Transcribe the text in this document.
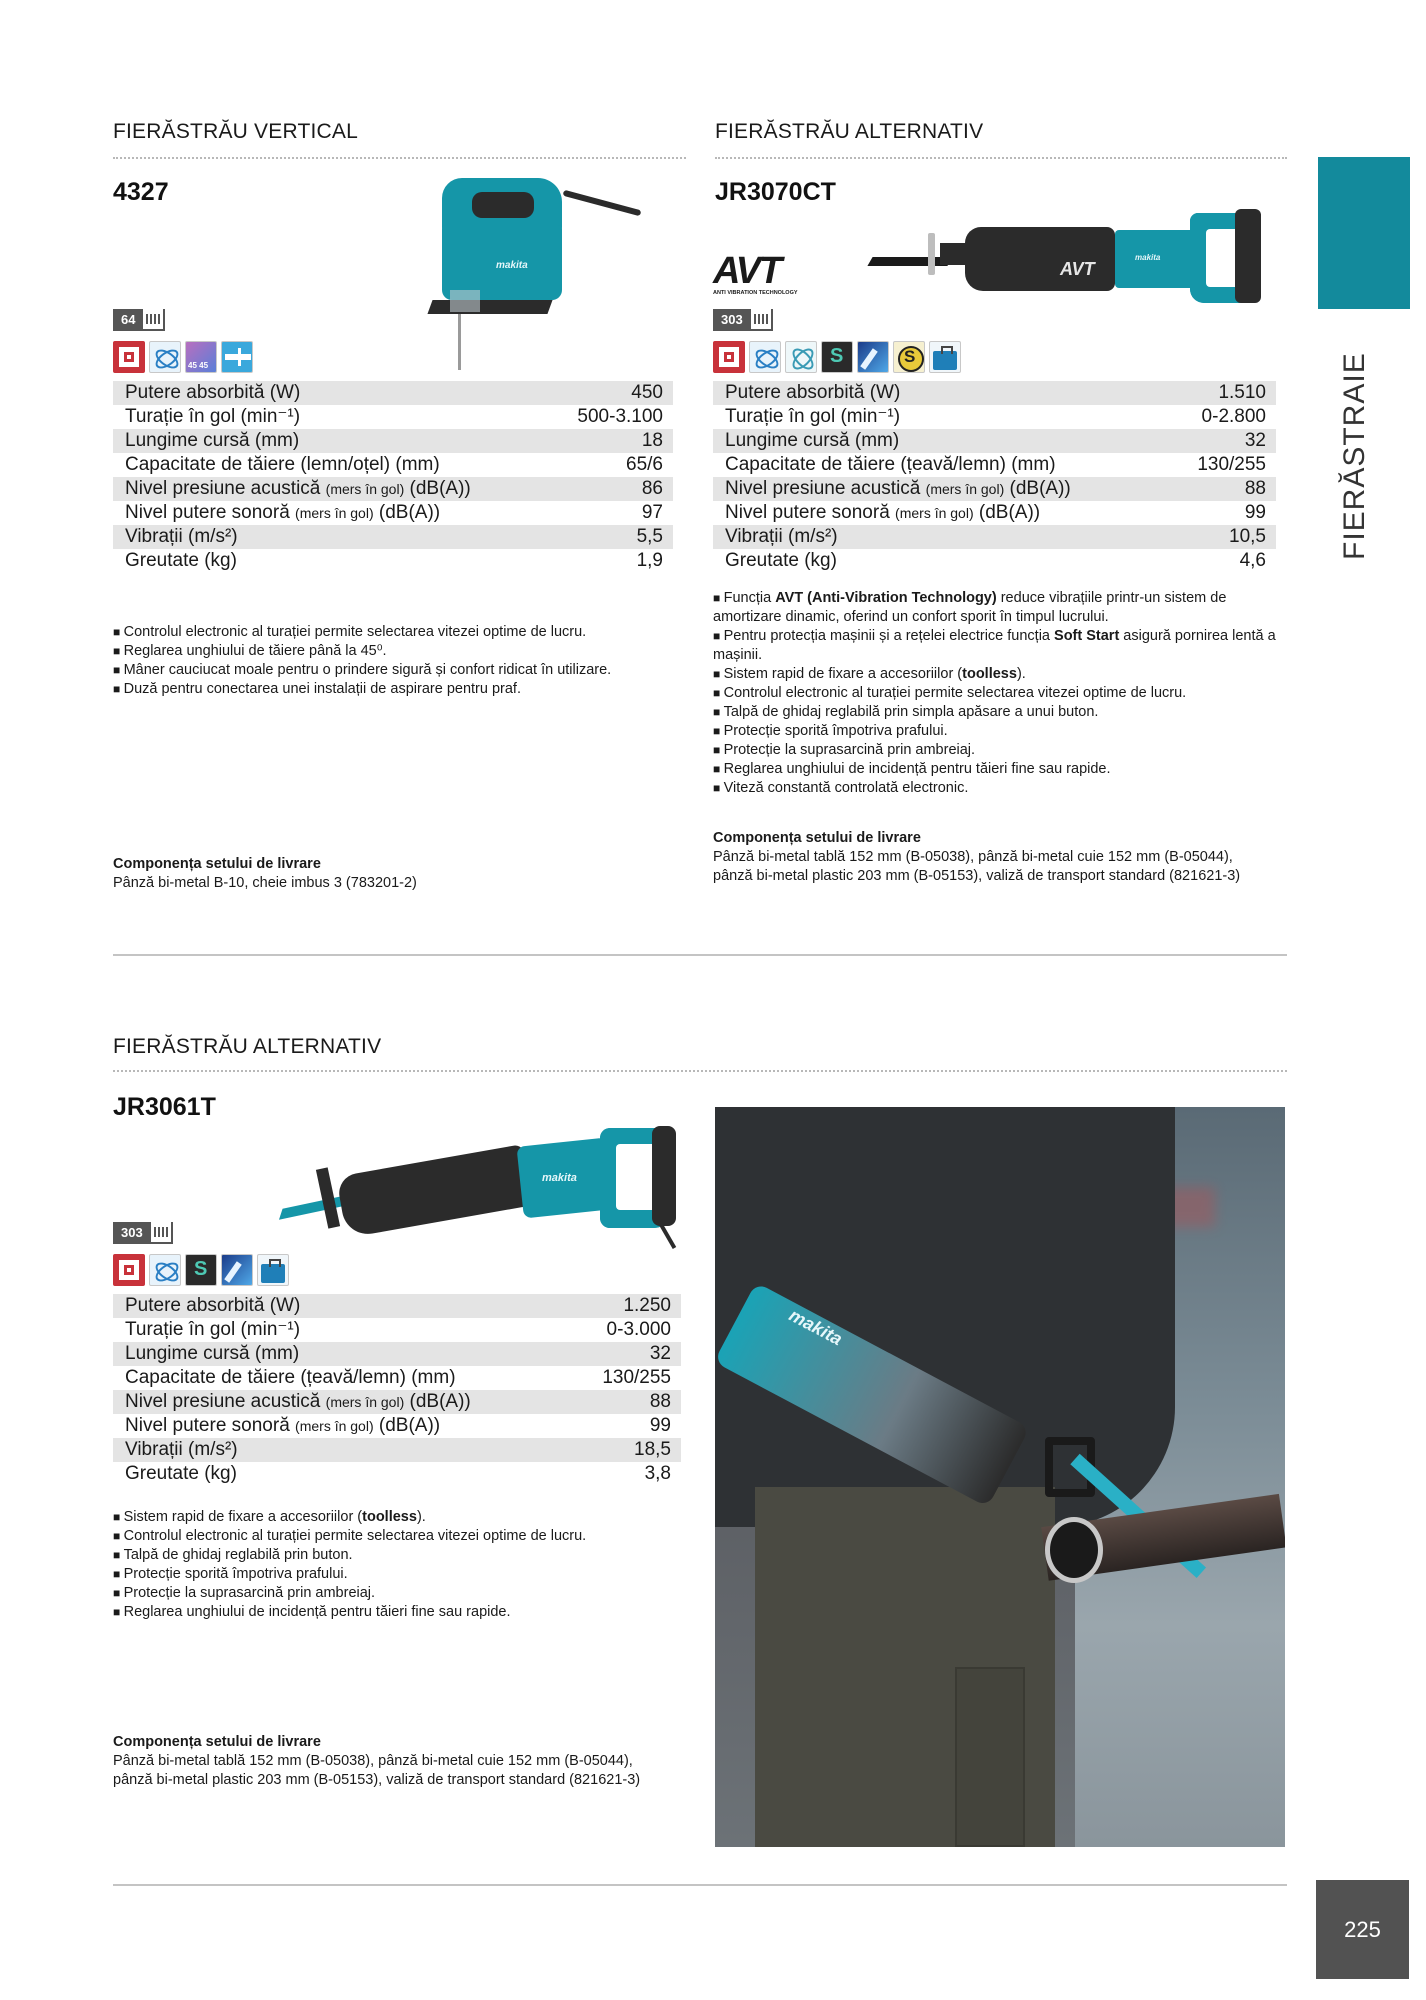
FIERĂSTRĂU VERTICAL
4327
makita
64
45 45
Putere absorbită (W)	450
Turație în gol (min⁻¹)	500-3.100
Lungime cursă (mm)	18
Capacitate de tăiere (lemn/oțel) (mm)	65/6
Nivel presiune acustică (mers în gol) (dB(A))	86
Nivel putere sonoră (mers în gol) (dB(A))	97
Vibrații (m/s²)	5,5
Greutate (kg)	1,9
■ Controlul electronic al turației permite selectarea vitezei optime de lucru.
■ Reglarea unghiului de tăiere până la 45⁰.
■ Mâner cauciucat moale pentru o prindere sigură și confort ridicat în utilizare.
■ Duză pentru conectarea unei instalații de aspirare pentru praf.
Componența setului de livrare
Pânză bi-metal B-10, cheie imbus 3 (783201-2)
FIERĂSTRĂU ALTERNATIV
JR3070CT
AVT
ANTI VIBRATION TECHNOLOGY
AVT
makita
303
S
S
Putere absorbită (W)	1.510
Turație în gol (min⁻¹)	0-2.800
Lungime cursă (mm)	32
Capacitate de tăiere (țeavă/lemn) (mm)	130/255
Nivel presiune acustică (mers în gol) (dB(A))	88
Nivel putere sonoră (mers în gol) (dB(A))	99
Vibrații (m/s²)	10,5
Greutate (kg)	4,6
■ Funcția AVT (Anti-Vibration Technology) reduce vibrațiile printr-un sistem de amortizare dinamic, oferind un confort sporit în timpul lucrului.
■ Pentru protecția mașinii și a rețelei electrice funcția Soft Start asigură pornirea lentă a mașinii.
■ Sistem rapid de fixare a accesoriilor (toolless).
■ Controlul electronic al turației permite selectarea vitezei optime de lucru.
■ Talpă de ghidaj reglabilă prin simpla apăsare a unui buton.
■ Protecție sporită împotriva prafului.
■ Protecție la suprasarcină prin ambreiaj.
■ Reglarea unghiului de incidență pentru tăieri fine sau rapide.
■ Viteză constantă controlată electronic.
Componența setului de livrare
Pânză bi-metal tablă 152 mm (B-05038), pânză bi-metal cuie 152 mm (B-05044), pânză bi-metal plastic 203 mm (B-05153), valiză de transport standard (821621-3)
FIERĂSTRĂU ALTERNATIV
JR3061T
makita
303
S
Putere absorbită (W)	1.250
Turație în gol (min⁻¹)	0-3.000
Lungime cursă (mm)	32
Capacitate de tăiere (țeavă/lemn) (mm)	130/255
Nivel presiune acustică (mers în gol) (dB(A))	88
Nivel putere sonoră (mers în gol) (dB(A))	99
Vibrații (m/s²)	18,5
Greutate (kg)	3,8
■ Sistem rapid de fixare a accesoriilor (toolless).
■ Controlul electronic al turației permite selectarea vitezei optime de lucru.
■ Talpă de ghidaj reglabilă prin buton.
■ Protecție sporită împotriva prafului.
■ Protecție la suprasarcină prin ambreiaj.
■ Reglarea unghiului de incidență pentru tăieri fine sau rapide.
Componența setului de livrare
Pânză bi-metal tablă 152 mm (B-05038), pânză bi-metal cuie 152 mm (B-05044), pânză bi-metal plastic 203 mm (B-05153), valiză de transport standard (821621-3)
makita
FIERĂSTRAIE
225
